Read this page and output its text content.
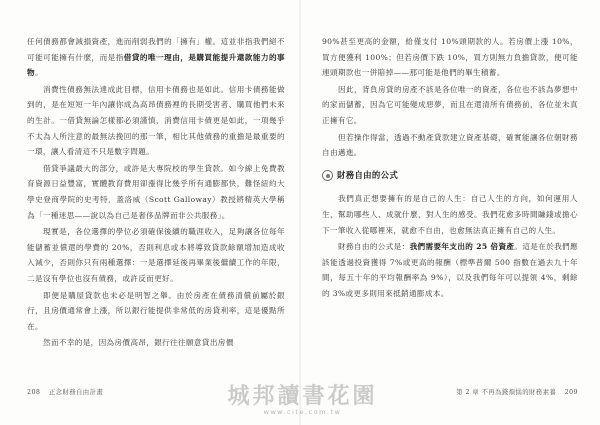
任何債務都會減損資產，進而削弱我們的「擁有」權。這並非指我們絕不可能可能擁有什麼，而是指借貸的唯一理由，是購買能提升還款能力的事物。

消費性債務無法達成此目標，信用卡債務也是如此。信用卡債務能做到的，是在短短一年內讓你成為高昂債務裡的長期受害者、購買他們未來的生計。一借貸無論怎樣都必須謹慎，消費信用卡債更是如此，一項幾乎不太為人所注意的最無法挽回的那一筆，相比其他債務的重擔是最重要的一環，讓人看清這不只是數字問題。

借貸爭議最大的部分，或許是大專院校的學生貸款。如今線上免費教育資源日益豐富，實體教育費用卻漲得比幾乎所有通膨都快，難怪紐約大學史登商學院的史考特．蓋洛威（Scott Galloway）教授將精英大學稱為「一種迷思——說以為自己是奢侈品牌而非公共服務」。

現實是，各位選擇的學位必須確保後續的職涯收入，足夠讓各位每年能儲蓄並償還的學費的 20%，否則利息或本將導致貸款餘額增加造成收入減少，否則你只有兩種選擇：一是選擇延後再畢業後繼續工作的年限，二是沒有學位也沒有債務，或許反而更好。

即便是購屋貸款也未必是明智之舉。由於房產在債務清償前屬於銀行，且房價通常會上漲，所以銀行能提供非常低的房貸利率，這是優點所在。

然而不幸的是，因為房價高昂，銀行往往願意貸出房價

208 正念財務自由計畫

90%甚至更高的金額，給僅支付 10%頭期款的人。若房價上漲 10%，買方便獲利 100%；但若房價下跌 10%，買方則無力負擔貸款，便可能連頭期款也一併賠掉——那可能是他們的畢生積蓄。

因此，背負房貸的房產不該是各位唯一的資產，各位也不該為夢想中的家而儲蓄，因為它可能變成惡夢，而且在還清所有債務前，各位並未真正擁有它。

但若操作得當，透過不動產貸款建立資產基礎，確實能讓各位朝財務自由邁進。

財務自由的公式

我們真正想要擁有的是自己的人生：自己人生的方向，如何運用人生，幫助哪些人、成就什麼，對人生的感受。我們花愈多時間賺錢或擔心下一筆收入從哪裡來，就愈不自由，也愈無法真正擁有自己的人生。

財務自由的公式是：我們需要年支出的 25 倍資產。這是在於我們應該能透過投資獲得 7%或更高的報酬（標準普爾 500 指數在過去九十年間，每五十年的平均報酬率為 9%），以及我們每年可以提領 4%，剩餘的 3%或更多則用來抵銷通膨成本。

第 2 章 不再為錢煩惱的財務素養 209
城邦讀書花園
www.cite.com.tw
